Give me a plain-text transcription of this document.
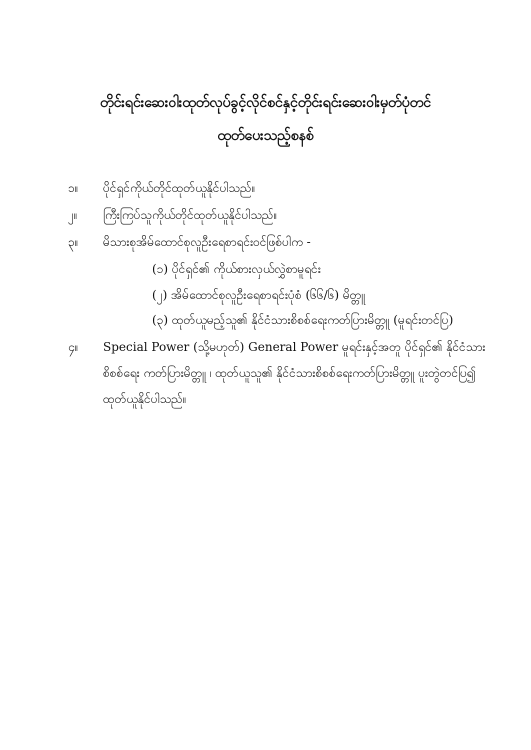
တိုင်းရင်းဆေးဝါးထုတ်လုပ်ခွင့်လိုင်စင်နှင့်တိုင်းရင်းဆေးဝါးမှတ်ပုံတင်
ထုတ်ပေးသည့်စနစ်
၁။	ပိုင်ရှင်ကိုယ်တိုင်ထုတ်ယူနိုင်ပါသည်။
၂။	ကြီးကြပ်သူကိုယ်တိုင်ထုတ်ယူနိုင်ပါသည်။
၃။	မိသားစုအိမ်ထောင်စုလူဦးရေစာရင်းဝင်ဖြစ်ပါက -
(၁) ပိုင်ရှင်၏ ကိုယ်စားလှယ်လွှဲစာမူရင်း
(၂) အိမ်ထောင်စုလူဦးရေစာရင်းပုံစံ (၆၆/၆) မိတ္တူ
(၃) ထုတ်ယူမည့်သူ၏ နိုင်ငံသားစိစစ်ရေးကတ်ပြားမိတ္တူ (မူရင်းတင်ပြ)
၄။	Special Power (သို့မဟုတ်) General Power မူရင်းနှင့်အတူ ပိုင်ရှင်၏ နိုင်ငံသား
စိစစ်ရေး ကတ်ပြားမိတ္တူ ၊ ထုတ်ယူသူ၏ နိုင်ငံသားစိစစ်ရေးကတ်ပြားမိတ္တူ ပူးတွဲတင်ပြ၍
ထုတ်ယူနိုင်ပါသည်။
